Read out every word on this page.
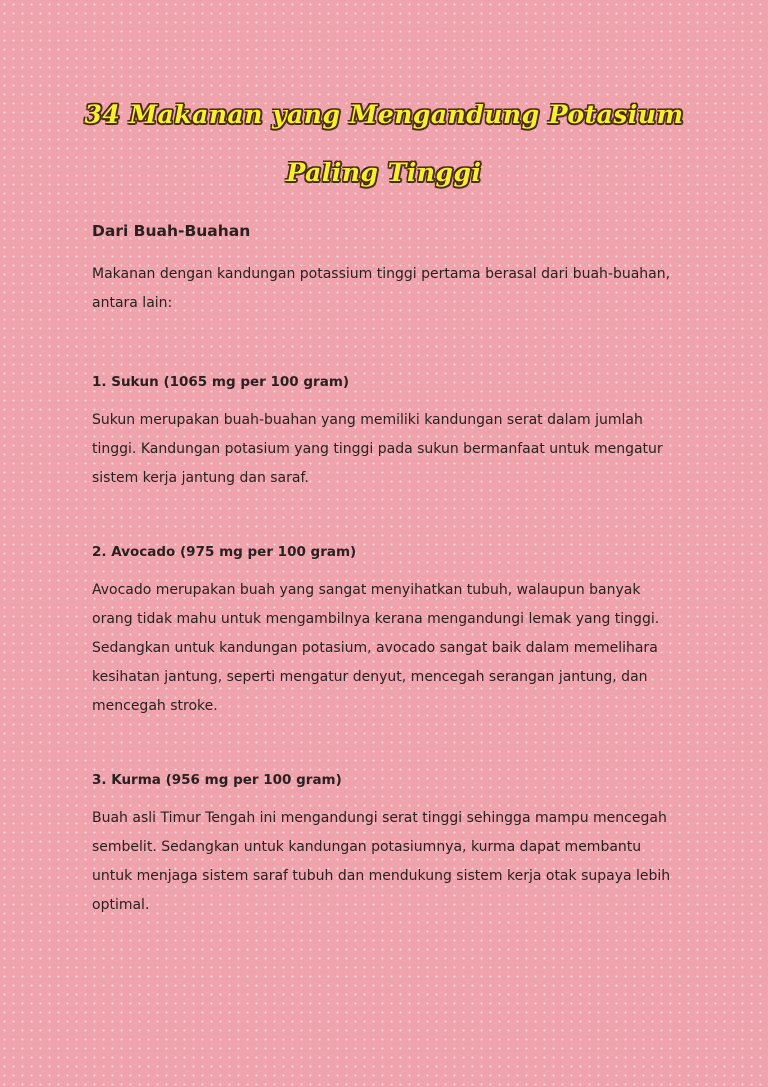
34 Makanan yang Mengandung Potasium
Paling Tinggi

Dari Buah-Buahan

Makanan dengan kandungan potassium tinggi pertama berasal dari buah-buahan, antara lain:

1. Sukun (1065 mg per 100 gram)

Sukun merupakan buah-buahan yang memiliki kandungan serat dalam jumlah tinggi. Kandungan potasium yang tinggi pada sukun bermanfaat untuk mengatur sistem kerja jantung dan saraf.

2. Avocado (975 mg per 100 gram)

Avocado merupakan buah yang sangat menyihatkan tubuh, walaupun banyak orang tidak mahu untuk mengambilnya kerana mengandungi lemak yang tinggi. Sedangkan untuk kandungan potasium, avocado sangat baik dalam memelihara kesihatan jantung, seperti mengatur denyut, mencegah serangan jantung, dan mencegah stroke.

3. Kurma (956 mg per 100 gram)

Buah asli Timur Tengah ini mengandungi serat tinggi sehingga mampu mencegah sembelit. Sedangkan untuk kandungan potasiumnya, kurma dapat membantu untuk menjaga sistem saraf tubuh dan mendukung sistem kerja otak supaya lebih optimal.
